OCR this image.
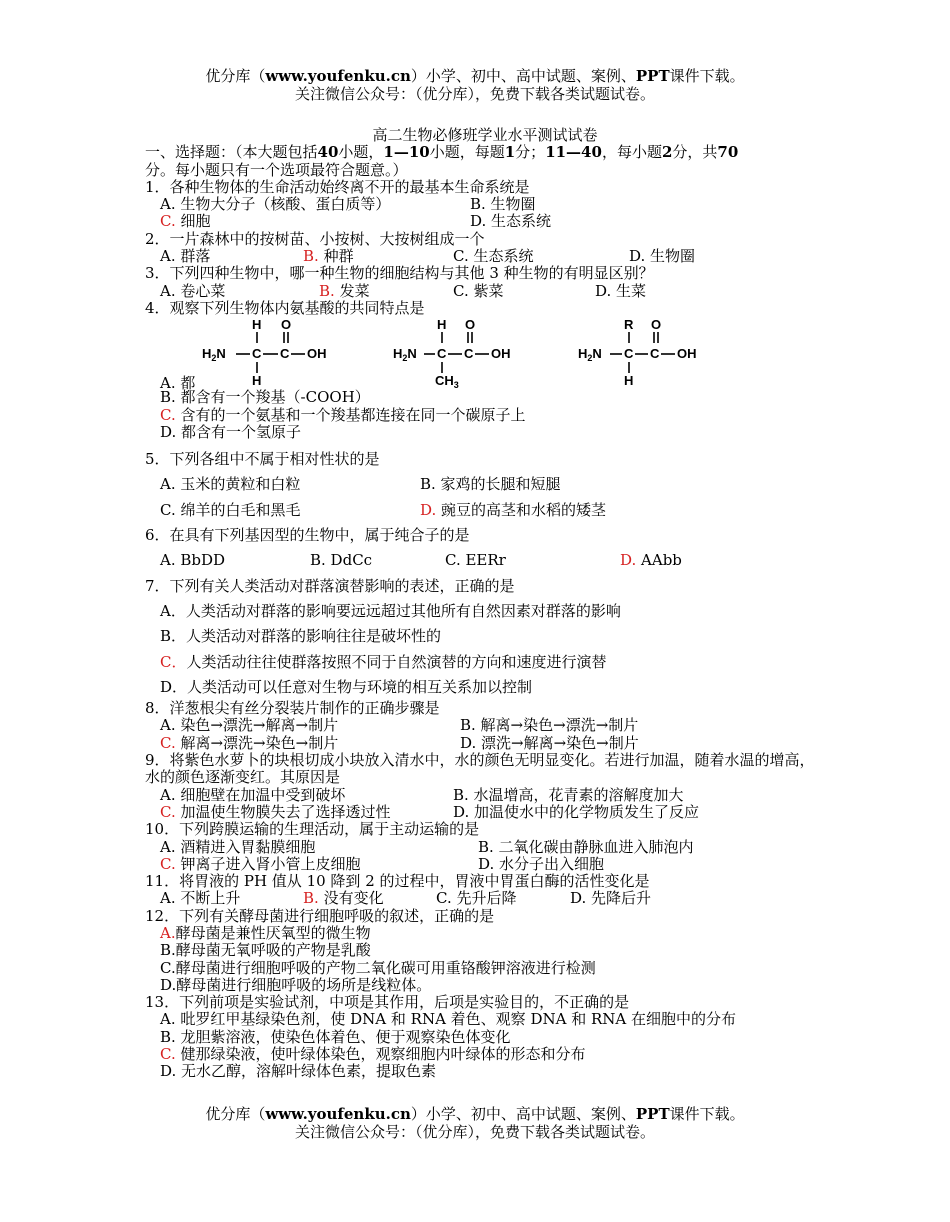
优分库（www.youfenku.cn）小学、初中、高中试题、案例、PPT课件下载。
关注微信公众号：（优分库），免费下载各类试题试卷。
高二生物必修班学业水平测试试卷
一、选择题：（本大题包括40小题，1—10小题，每题1分；11—40，每小题2分，共70
分。每小题只有一个选项最符合题意。）
1．各种生物体的生命活动始终离不开的最基本生命系统是
A. 生物大分子（核酸、蛋白质等）	B. 生物圈
C. 细胞	D. 生态系统
2．一片森林中的按树苗、小按树、大按树组成一个
A. 群落	B. 种群	C. 生态系统	D. 生物圈
3．下列四种生物中，哪一种生物的细胞结构与其他 3 种生物的有明显区别？
A. 卷心菜	B. 发菜	C. 紫菜	D. 生菜
4．观察下列生物体内氨基酸的共同特点是
H O
$H_2N$ C C OH
H
H O
$H_2N$ C C OH
$CH_3$
R O
$H_2N$ C C OH
H
A. 都
B. 都含有一个羧基（-COOH）
C. 含有的一个氨基和一个羧基都连接在同一个碳原子上
D. 都含有一个氢原子
5．下列各组中不属于相对性状的是
A. 玉米的黄粒和白粒	B. 家鸡的长腿和短腿
C. 绵羊的白毛和黑毛	D. 豌豆的高茎和水稻的矮茎
6．在具有下列基因型的生物中，属于纯合子的是
A. BbDD	B. DdCc	C. EERr	D. AAbb
7．下列有关人类活动对群落演替影响的表述，正确的是
A．人类活动对群落的影响要远远超过其他所有自然因素对群落的影响
B．人类活动对群落的影响往往是破坏性的
C．人类活动往往使群落按照不同于自然演替的方向和速度进行演替
D．人类活动可以任意对生物与环境的相互关系加以控制
8．洋葱根尖有丝分裂装片制作的正确步骤是
A. 染色→漂洗→解离→制片	B. 解离→染色→漂洗→制片
C. 解离→漂洗→染色→制片	D. 漂洗→解离→染色→制片
9．将紫色水萝卜的块根切成小块放入清水中，水的颜色无明显变化。若进行加温，随着水温的增高，水的颜色逐渐变红。其原因是
A. 细胞壁在加温中受到破坏	B. 水温增高，花青素的溶解度加大
C. 加温使生物膜失去了选择透过性	D. 加温使水中的化学物质发生了反应
10．下列跨膜运输的生理活动，属于主动运输的是
A. 酒精进入胃黏膜细胞	B. 二氧化碳由静脉血进入肺泡内
C. 钾离子进入肾小管上皮细胞	D. 水分子出入细胞
11．将胃液的 PH 值从 10 降到 2 的过程中，胃液中胃蛋白酶的活性变化是
A. 不断上升	B. 没有变化	C. 先升后降	D. 先降后升
12．下列有关酵母菌进行细胞呼吸的叙述，正确的是
A.酵母菌是兼性厌氧型的微生物
B.酵母菌无氧呼吸的产物是乳酸
C.酵母菌进行细胞呼吸的产物二氧化碳可用重铬酸钾溶液进行检测
D.酵母菌进行细胞呼吸的场所是线粒体。
13．下列前项是实验试剂，中项是其作用，后项是实验目的，不正确的是
A. 吡罗红甲基绿染色剂，使 DNA 和 RNA 着色、观察 DNA 和 RNA 在细胞中的分布
B. 龙胆紫溶液，使染色体着色、便于观察染色体变化
C. 健那绿染液，使叶绿体染色，观察细胞内叶绿体的形态和分布
D. 无水乙醇，溶解叶绿体色素，提取色素
优分库（www.youfenku.cn）小学、初中、高中试题、案例、PPT课件下载。
关注微信公众号：（优分库），免费下载各类试题试卷。
